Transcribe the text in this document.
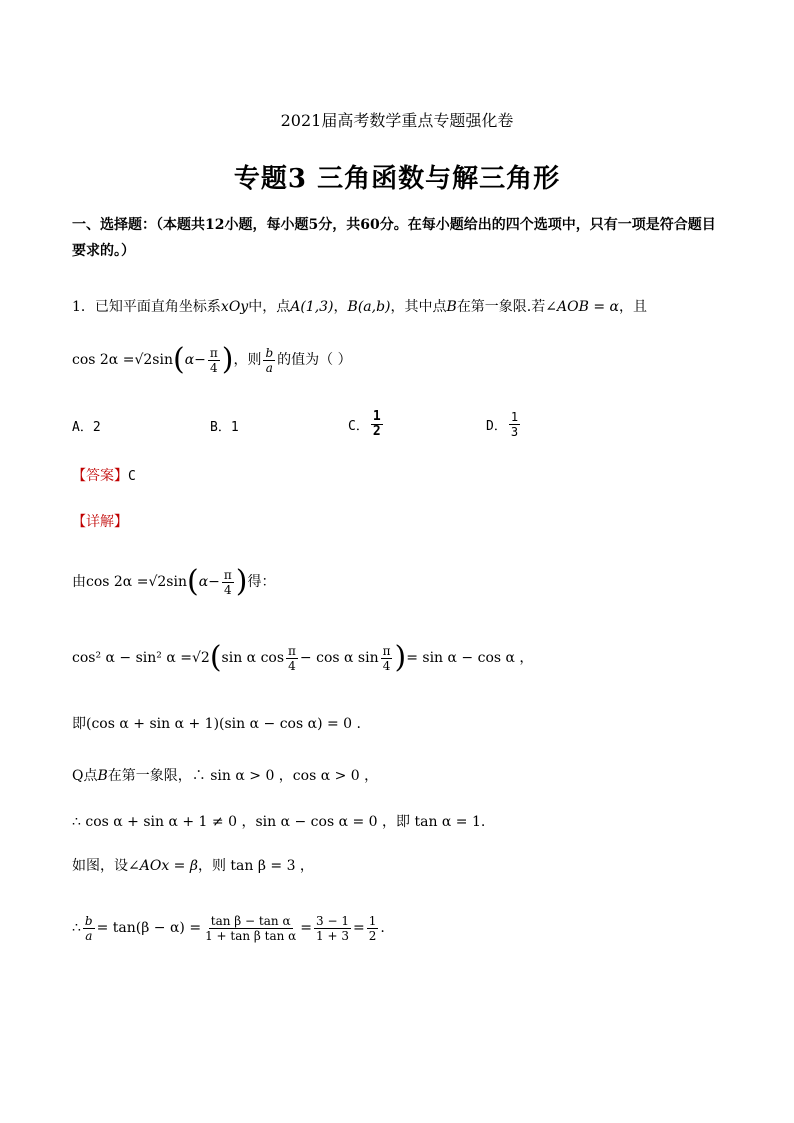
2021届高考数学重点专题强化卷
专题3 三角函数与解三角形
一、选择题：（本题共12小题，每小题5分，共60分。在每小题给出的四个选项中，只有一项是符合题目要求的。）
1．已知平面直角坐标系xOy中，点A(1,3)，B(a,b)，其中点B在第一象限.若∠AOB = α，且
cos 2α = √2 sin ( $\alpha- \frac{\pi}{4}$ ) ，则 $\frac{b}{a}$ 的值为（ ）
A．2	B．1	C． $\frac{1}{2}$	D． $\frac{1}{3}$
【答案】C
【详解】
由 cos 2α = √2 sin ( $\alpha- \frac{\pi}{4}$ ) 得：
cos² α − sin² α = √2 ( sin α $\cos \frac{\pi}{4} - \cos \alpha$ $\sin \frac{\pi}{4}$ ) = sin α − cos α ，
即(cos α + sin α + 1)(sin α − cos α) = 0 .
Q点B在第一象限，∴ sin α > 0 ，cos α > 0 ，
∴ cos α + sin α + 1 ≠ 0 ，sin α − cos α = 0 ，即 tan α = 1.
如图，设∠AOx = β，则 tan β = 3 ，
∴ $\frac{b}{a} = \tan(\beta - \alpha) = \frac{\text{tan β − tan α}}{\text{1 + tan β tan α}} = \frac{3 - 1}{1 + 3} = \frac{1}{2}$ .
